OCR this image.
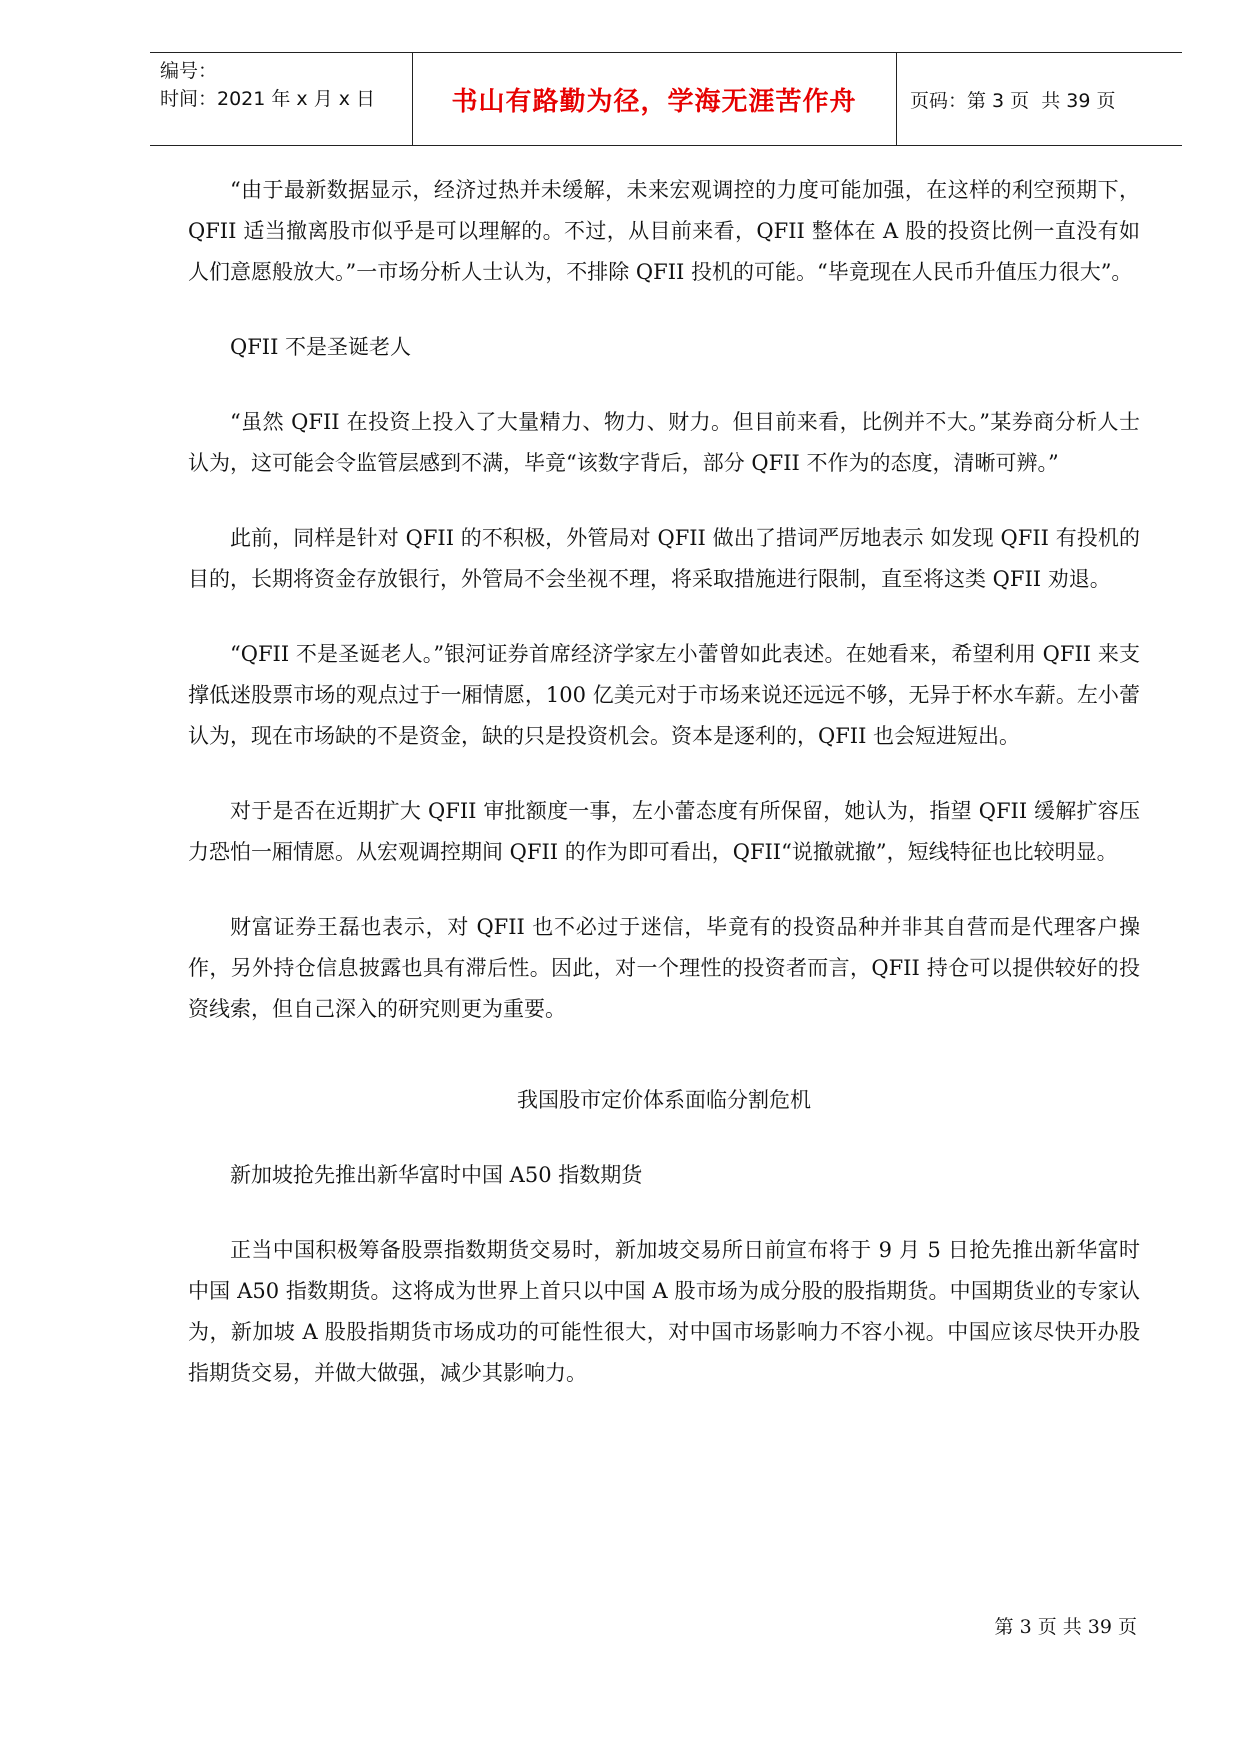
编号：
时间：2021 年 x 月 x 日	书山有路勤为径，学海无涯苦作舟	页码：第 3 页  共 39 页

“由于最新数据显示，经济过热并未缓解，未来宏观调控的力度可能加强，在这样的利空预期下，QFII 适当撤离股市似乎是可以理解的。不过，从目前来看，QFII 整体在 A 股的投资比例一直没有如人们意愿般放大。”一市场分析人士认为，不排除 QFII 投机的可能。“毕竟现在人民币升值压力很大”。

QFII 不是圣诞老人

“虽然 QFII 在投资上投入了大量精力、物力、财力。但目前来看，比例并不大。”某券商分析人士认为，这可能会令监管层感到不满，毕竟“该数字背后，部分 QFII 不作为的态度，清晰可辨。”

此前，同样是针对 QFII 的不积极，外管局对 QFII 做出了措词严厉地表示 如发现 QFII 有投机的目的，长期将资金存放银行，外管局不会坐视不理，将采取措施进行限制，直至将这类 QFII 劝退。

“QFII 不是圣诞老人。”银河证券首席经济学家左小蕾曾如此表述。在她看来，希望利用 QFII 来支撑低迷股票市场的观点过于一厢情愿，100 亿美元对于市场来说还远远不够，无异于杯水车薪。左小蕾认为，现在市场缺的不是资金，缺的只是投资机会。资本是逐利的，QFII 也会短进短出。

对于是否在近期扩大 QFII 审批额度一事，左小蕾态度有所保留，她认为，指望 QFII 缓解扩容压力恐怕一厢情愿。从宏观调控期间 QFII 的作为即可看出，QFII“说撤就撤”，短线特征也比较明显。

财富证券王磊也表示，对 QFII 也不必过于迷信，毕竟有的投资品种并非其自营而是代理客户操作，另外持仓信息披露也具有滞后性。因此，对一个理性的投资者而言，QFII 持仓可以提供较好的投资线索，但自己深入的研究则更为重要。

我国股市定价体系面临分割危机

新加坡抢先推出新华富时中国 A50 指数期货

正当中国积极筹备股票指数期货交易时，新加坡交易所日前宣布将于 9 月 5 日抢先推出新华富时中国 A50 指数期货。这将成为世界上首只以中国 A 股市场为成分股的股指期货。中国期货业的专家认为，新加坡 A 股股指期货市场成功的可能性很大，对中国市场影响力不容小视。中国应该尽快开办股指期货交易，并做大做强，减少其影响力。

第 3 页 共 39 页
